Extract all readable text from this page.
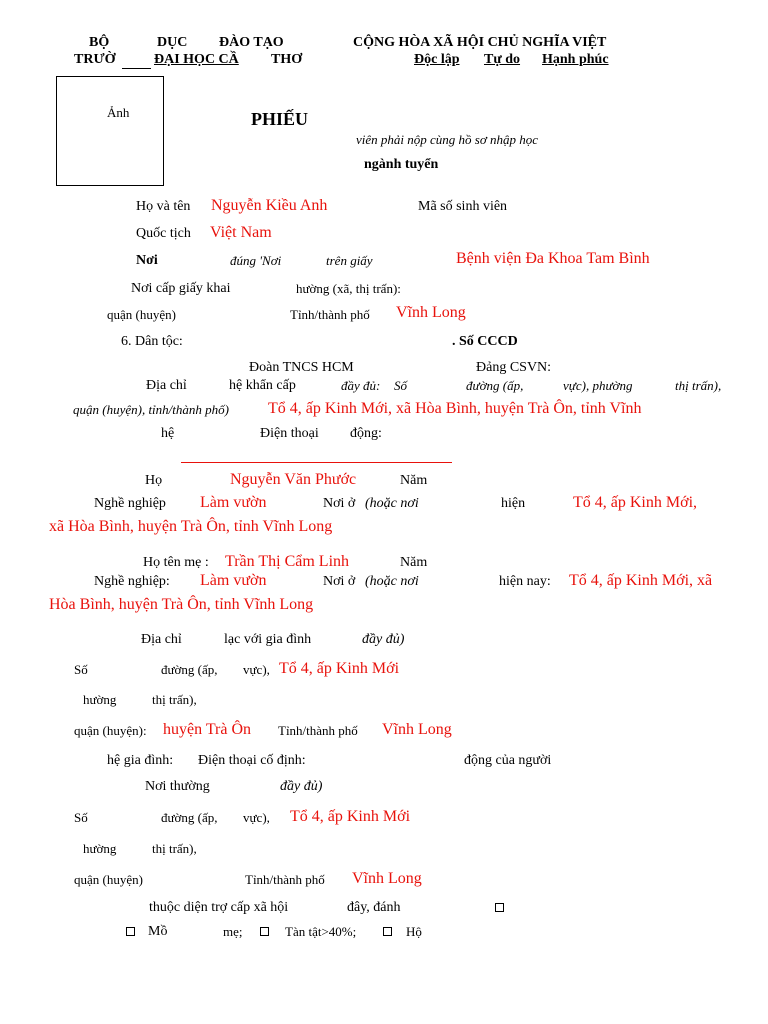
BỘ	DỤC ĐÀO TẠO
TRƯỜ	ĐẠI HỌC CẦ THƠ
CỘNG HÒA XÃ HỘI CHỦ NGHĨA VIỆT
Độc lập Tự do Hạnh phúc
Ảnh	PHIẾU
viên phải nộp cùng hồ sơ nhập học
ngành tuyển
Họ và tên Nguyễn Kiều Anh	Mã số sinh viên
Quốc tịch Việt Nam
Nơi	đúng 'Nơi	trên giấy	Bệnh viện Đa Khoa Tam Bình
Nơi cấp giấy khai	hường (xã, thị trấn):
quận (huyện)	Tỉnh/thành phố Vĩnh Long
6. Dân tộc:	. Số CCCD
Đoàn TNCS HCM	Đảng CSVN:
Địa chỉ	hệ khẩn cấp	đầy đủ: Số	đường (ấp,	vực), phường	thị trấn),
quận (huyện), tỉnh/thành phố) Tổ 4, ấp Kinh Mới, xã Hòa Bình, huyện Trà Ôn, tỉnh Vĩnh
hệ	Điện thoại động:
Họ	Nguyễn Văn Phước	Năm
Nghề nghiệp Làm vườn	Nơi ở (hoặc nơi	hiện	Tổ 4, ấp Kinh Mới,
xã Hòa Bình, huyện Trà Ôn, tỉnh Vĩnh Long
Họ tên mẹ : Trần Thị Cẩm Linh	Năm
Nghề nghiệp: Làm vườn	Nơi ở (hoặc nơi	hiện nay: Tổ 4, ấp Kinh Mới, xã
Hòa Bình, huyện Trà Ôn, tỉnh Vĩnh Long
Địa chỉ	lạc với gia đình	đầy đủ)
Số	đường (ấp, vực), Tổ 4, ấp Kinh Mới
hường	thị trấn),
quận (huyện): huyện Trà Ôn Tỉnh/thành phố Vĩnh Long
hệ gia đình: Điện thoại cố định:	động của người
Nơi thường	đầy đủ)
Số	đường (ấp, vực), Tổ 4, ấp Kinh Mới
hường	thị trấn),
quận (huyện)	Tỉnh/thành phố Vĩnh Long
thuộc diện trợ cấp xã hội	đây, đánh
Mồ	mẹ;	Tàn tật>40%;	Hộ
